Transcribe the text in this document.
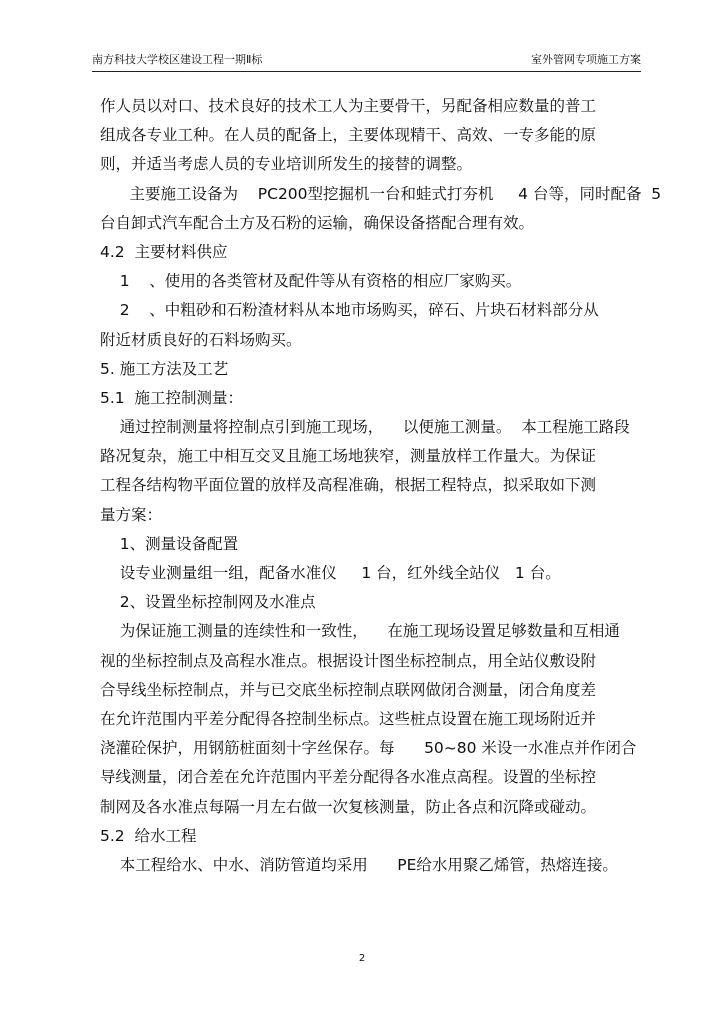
南方科技大学校区建设工程一期Ⅱ标	室外管网专项施工方案
作人员以对口、技术良好的技术工人为主要骨干，另配备相应数量的普工
组成各专业工种。在人员的配备上，主要体现精干、高效、一专多能的原
则，并适当考虑人员的专业培训所发生的接替的调整。
主要施工设备为    PC200型挖掘机一台和蛙式打夯机     4 台等，同时配备  5
台自卸式汽车配合土方及石粉的运输，确保设备搭配合理有效。
4.2  主要材料供应
1    、使用的各类管材及配件等从有资格的相应厂家购买。
2    、中粗砂和石粉渣材料从本地市场购买，碎石、片块石材料部分从
附近材质良好的石料场购买。
5. 施工方法及工艺
5.1  施工控制测量：
通过控制测量将控制点引到施工现场，    以便施工测量。  本工程施工路段
路况复杂，施工中相互交叉且施工场地狭窄，测量放样工作量大。为保证
工程各结构物平面位置的放样及高程准确，根据工程特点，拟采取如下测
量方案：
1、测量设备配置
设专业测量组一组，配备水准仪     1 台，红外线全站仪   1 台。
2、设置坐标控制网及水准点
为保证施工测量的连续性和一致性，    在施工现场设置足够数量和互相通
视的坐标控制点及高程水准点。根据设计图坐标控制点，用全站仪敷设附
合导线坐标控制点，并与已交底坐标控制点联网做闭合测量，闭合角度差
在允许范围内平差分配得各控制坐标点。这些桩点设置在施工现场附近并
浇灌砼保护，用钢筋桩面刻十字丝保存。每      50~80 米设一水准点并作闭合
导线测量，闭合差在允许范围内平差分配得各水准点高程。设置的坐标控
制网及各水准点每隔一月左右做一次复核测量，防止各点和沉降或碰动。
5.2  给水工程
本工程给水、中水、消防管道均采用      PE给水用聚乙烯管，热熔连接。
2
